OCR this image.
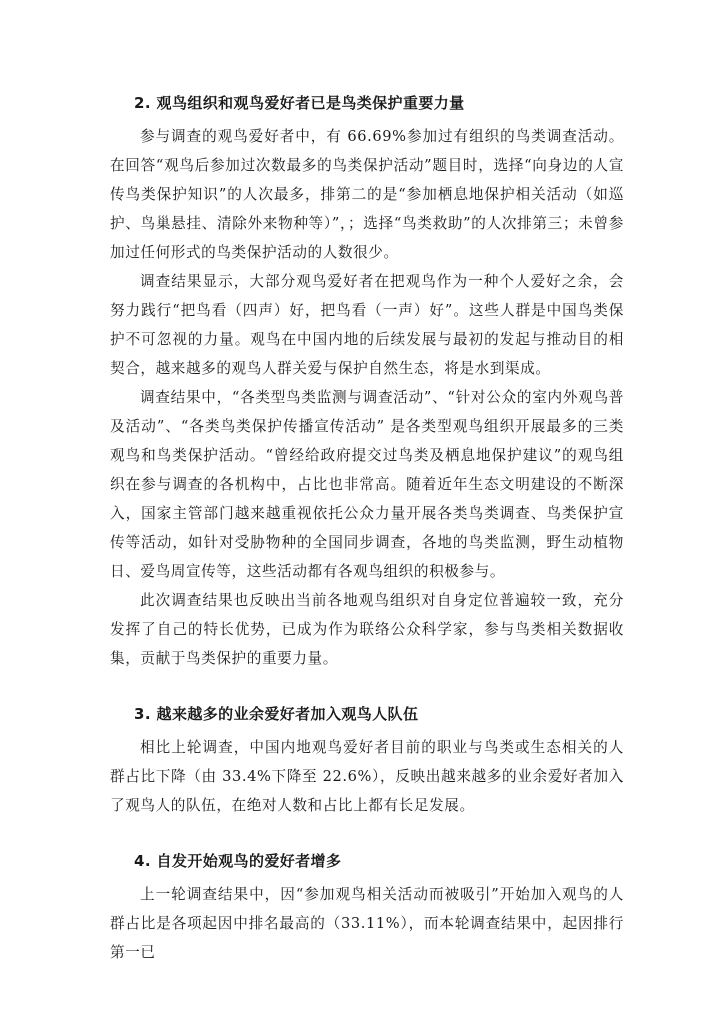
2. 观鸟组织和观鸟爱好者已是鸟类保护重要力量

参与调查的观鸟爱好者中，有 66.69%参加过有组织的鸟类调查活动。在回答“观鸟后参加过次数最多的鸟类保护活动”题目时，选择“向身边的人宣传鸟类保护知识”的人次最多，排第二的是“参加栖息地保护相关活动（如巡护、鸟巢悬挂、清除外来物种等）”，；选择“鸟类救助”的人次排第三；未曾参加过任何形式的鸟类保护活动的人数很少。

调查结果显示，大部分观鸟爱好者在把观鸟作为一种个人爱好之余，会努力践行“把鸟看（四声）好，把鸟看（一声）好”。这些人群是中国鸟类保护不可忽视的力量。观鸟在中国内地的后续发展与最初的发起与推动目的相契合，越来越多的观鸟人群关爱与保护自然生态，将是水到渠成。

调查结果中，“各类型鸟类监测与调查活动”、“针对公众的室内外观鸟普及活动”、“各类鸟类保护传播宣传活动” 是各类型观鸟组织开展最多的三类观鸟和鸟类保护活动。“曾经给政府提交过鸟类及栖息地保护建议”的观鸟组织在参与调查的各机构中，占比也非常高。随着近年生态文明建设的不断深入，国家主管部门越来越重视依托公众力量开展各类鸟类调查、鸟类保护宣传等活动，如针对受胁物种的全国同步调查，各地的鸟类监测，野生动植物日、爱鸟周宣传等，这些活动都有各观鸟组织的积极参与。

此次调查结果也反映出当前各地观鸟组织对自身定位普遍较一致，充分发挥了自己的特长优势，已成为作为联络公众科学家，参与鸟类相关数据收集，贡献于鸟类保护的重要力量。

3. 越来越多的业余爱好者加入观鸟人队伍

相比上轮调查，中国内地观鸟爱好者目前的职业与鸟类或生态相关的人群占比下降（由 33.4%下降至 22.6%），反映出越来越多的业余爱好者加入了观鸟人的队伍，在绝对人数和占比上都有长足发展。

4. 自发开始观鸟的爱好者增多

上一轮调查结果中，因“参加观鸟相关活动而被吸引”开始加入观鸟的人群占比是各项起因中排名最高的（33.11%），而本轮调查结果中，起因排行第一已
